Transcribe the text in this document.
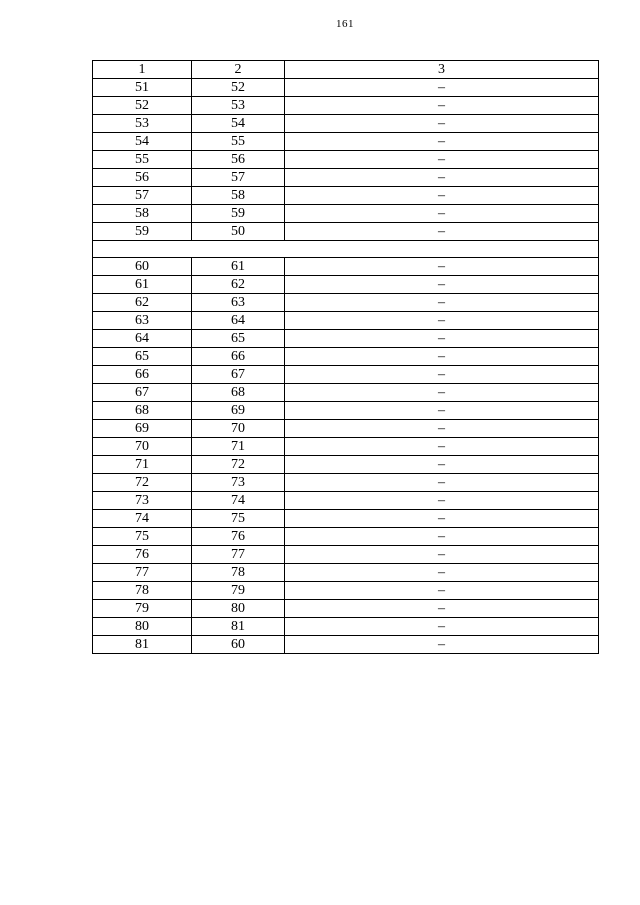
161
1	2	3
51	52	–
52	53	–
53	54	–
54	55	–
55	56	–
56	57	–
57	58	–
58	59	–
59	50	–

60	61	–
61	62	–
62	63	–
63	64	–
64	65	–
65	66	–
66	67	–
67	68	–
68	69	–
69	70	–
70	71	–
71	72	–
72	73	–
73	74	–
74	75	–
75	76	–
76	77	–
77	78	–
78	79	–
79	80	–
80	81	–
81	60	–
